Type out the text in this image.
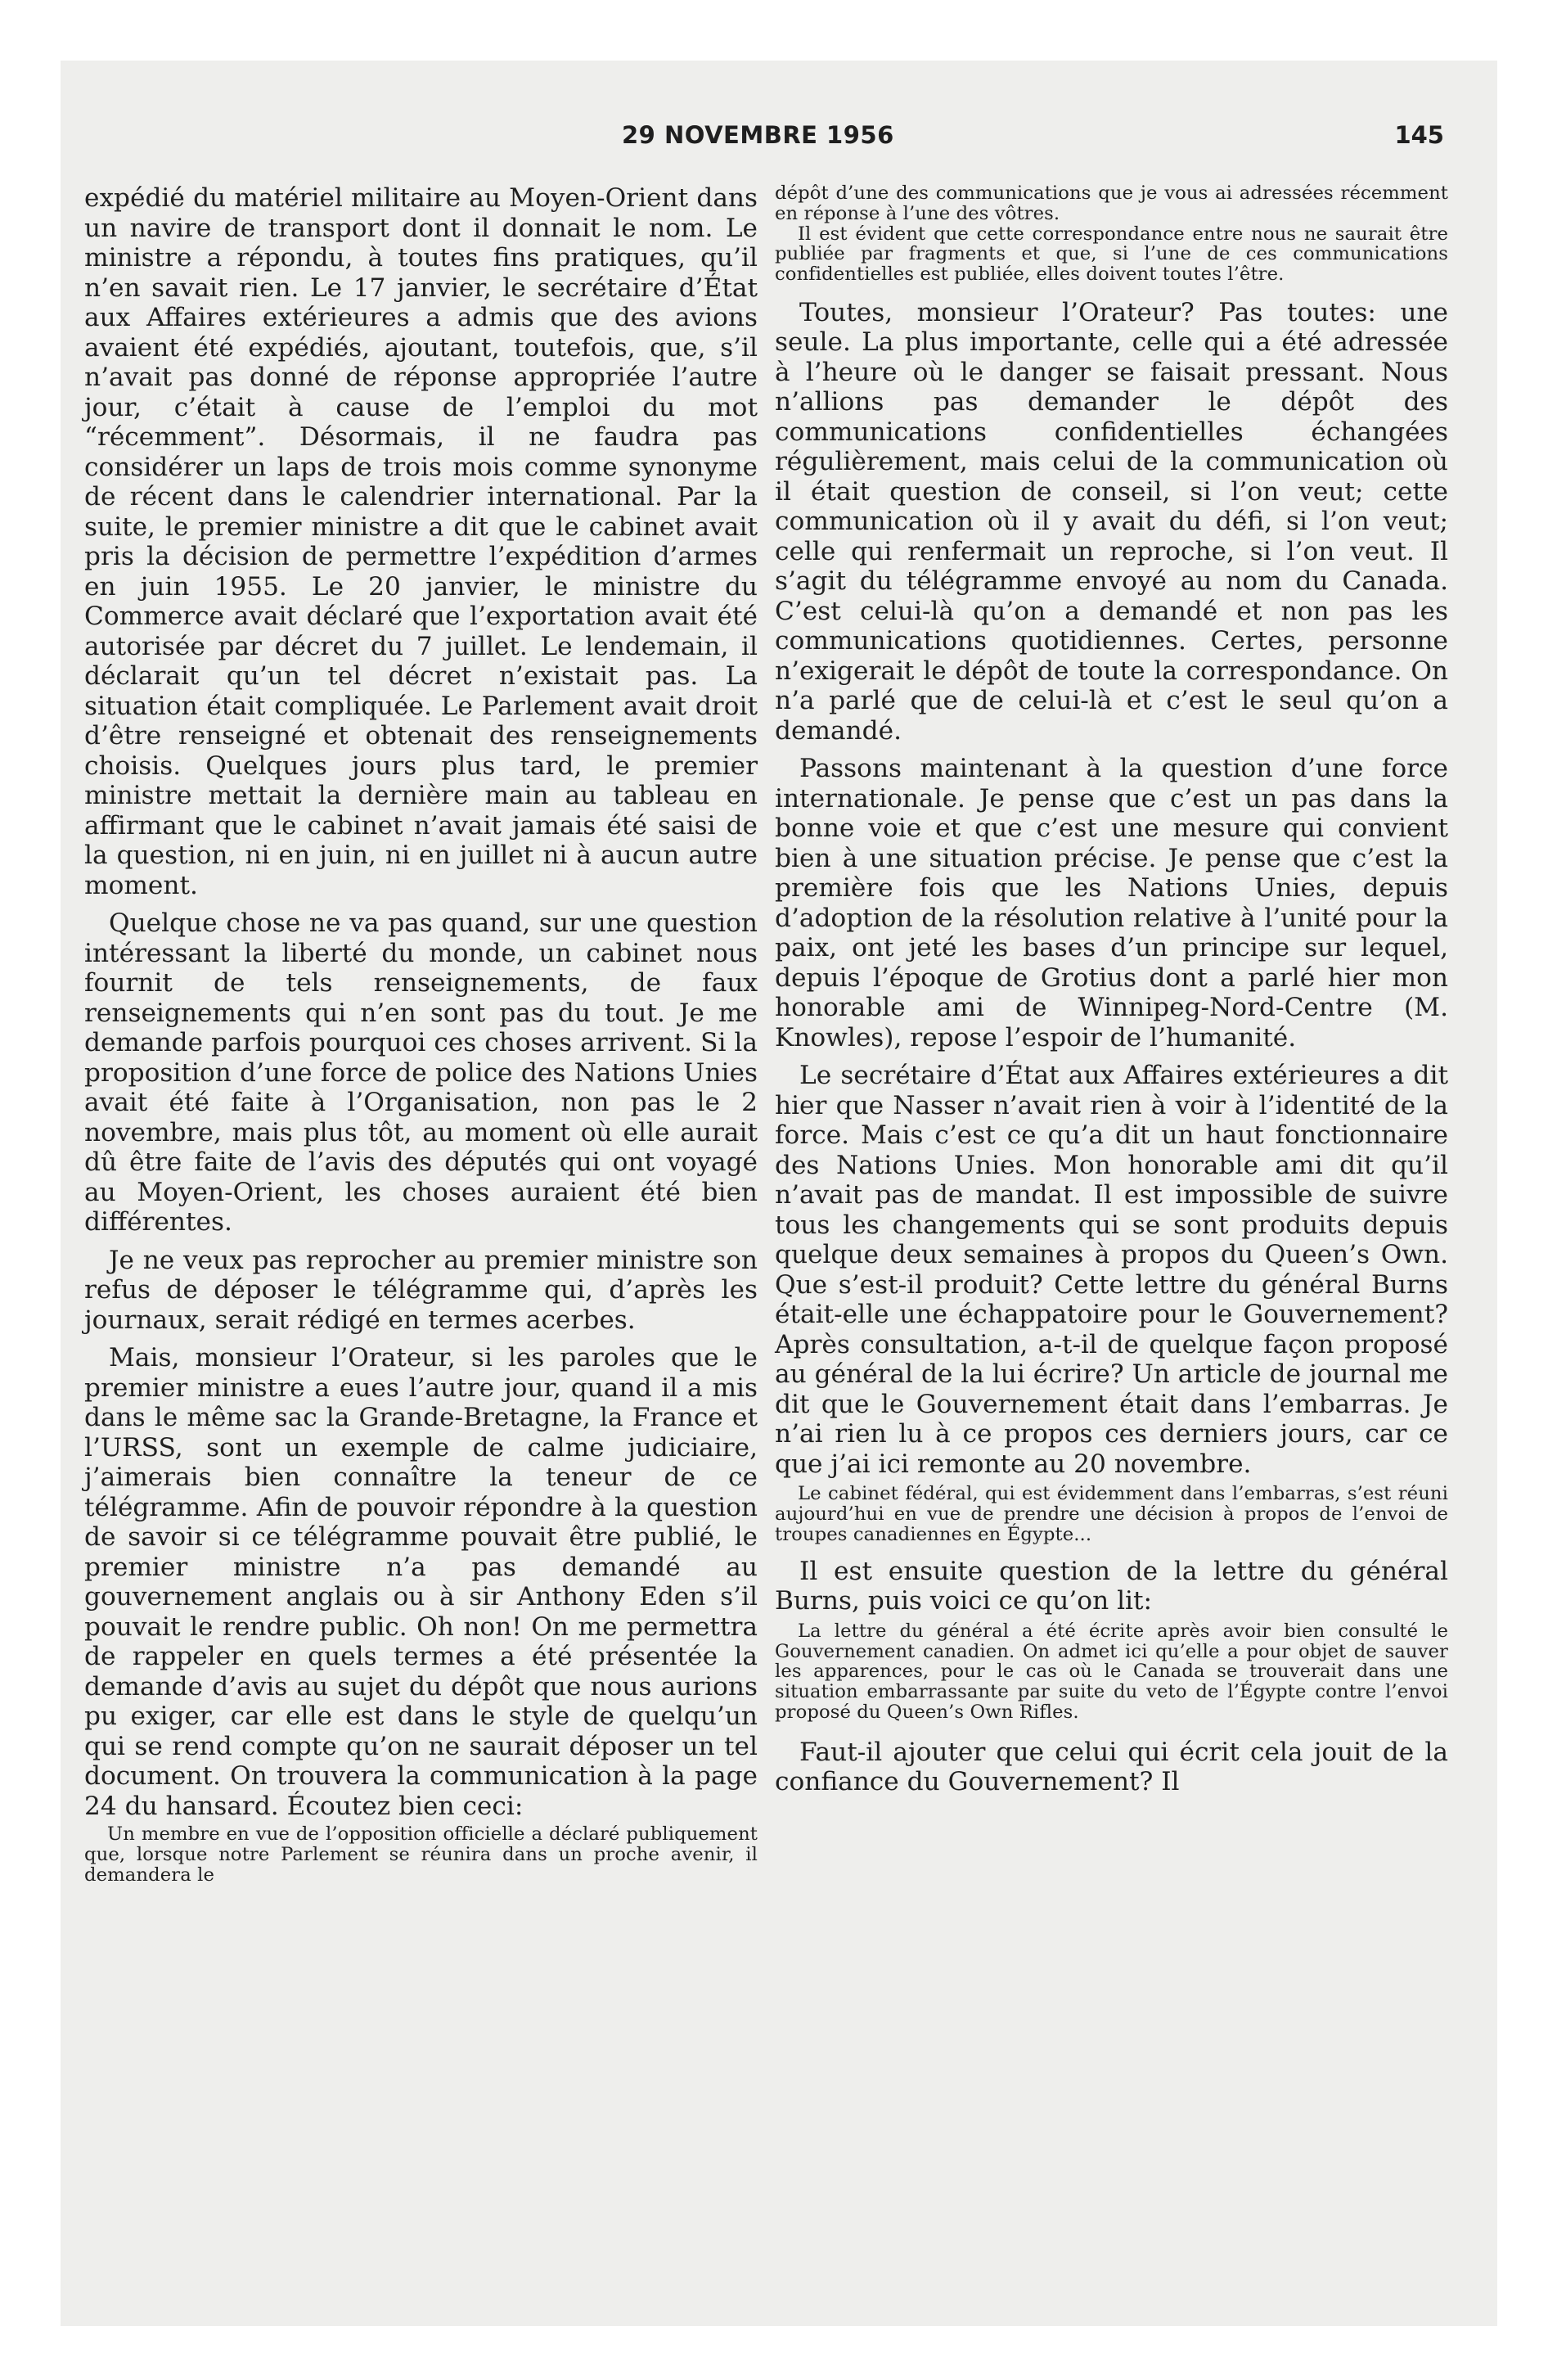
29 NOVEMBRE 1956	145

expédié du matériel militaire au Moyen-Orient dans un navire de transport dont il donnait le nom. Le ministre a répondu, à toutes fins pratiques, qu’il n’en savait rien. Le 17 janvier, le secrétaire d’État aux Affaires extérieures a admis que des avions avaient été expédiés, ajoutant, toutefois, que, s’il n’avait pas donné de réponse appropriée l’autre jour, c’était à cause de l’emploi du mot “récemment”. Désormais, il ne faudra pas considérer un laps de trois mois comme synonyme de récent dans le calendrier international. Par la suite, le premier ministre a dit que le cabinet avait pris la décision de permettre l’expédition d’armes en juin 1955. Le 20 janvier, le ministre du Commerce avait déclaré que l’exportation avait été autorisée par décret du 7 juillet. Le lendemain, il déclarait qu’un tel décret n’existait pas. La situation était compliquée. Le Parlement avait droit d’être renseigné et obtenait des renseignements choisis. Quelques jours plus tard, le premier ministre mettait la dernière main au tableau en affirmant que le cabinet n’avait jamais été saisi de la question, ni en juin, ni en juillet ni à aucun autre moment.

Quelque chose ne va pas quand, sur une question intéressant la liberté du monde, un cabinet nous fournit de tels renseignements, de faux renseignements qui n’en sont pas du tout. Je me demande parfois pourquoi ces choses arrivent. Si la proposition d’une force de police des Nations Unies avait été faite à l’Organisation, non pas le 2 novembre, mais plus tôt, au moment où elle aurait dû être faite de l’avis des députés qui ont voyagé au Moyen-Orient, les choses auraient été bien différentes.

Je ne veux pas reprocher au premier ministre son refus de déposer le télégramme qui, d’après les journaux, serait rédigé en termes acerbes.

Mais, monsieur l’Orateur, si les paroles que le premier ministre a eues l’autre jour, quand il a mis dans le même sac la Grande-Bretagne, la France et l’URSS, sont un exemple de calme judiciaire, j’aimerais bien connaître la teneur de ce télégramme. Afin de pouvoir répondre à la question de savoir si ce télégramme pouvait être publié, le premier ministre n’a pas demandé au gouvernement anglais ou à sir Anthony Eden s’il pouvait le rendre public. Oh non! On me permettra de rappeler en quels termes a été présentée la demande d’avis au sujet du dépôt que nous aurions pu exiger, car elle est dans le style de quelqu’un qui se rend compte qu’on ne saurait déposer un tel document. On trouvera la communication à la page 24 du hansard. Écoutez bien ceci:

Un membre en vue de l’opposition officielle a déclaré publiquement que, lorsque notre Parlement se réunira dans un proche avenir, il demandera le

dépôt d’une des communications que je vous ai adressées récemment en réponse à l’une des vôtres.

Il est évident que cette correspondance entre nous ne saurait être publiée par fragments et que, si l’une de ces communications confidentielles est publiée, elles doivent toutes l’être.

Toutes, monsieur l’Orateur? Pas toutes: une seule. La plus importante, celle qui a été adressée à l’heure où le danger se faisait pressant. Nous n’allions pas demander le dépôt des communications confidentielles échangées régulièrement, mais celui de la communication où il était question de conseil, si l’on veut; cette communication où il y avait du défi, si l’on veut; celle qui renfermait un reproche, si l’on veut. Il s’agit du télégramme envoyé au nom du Canada. C’est celui-là qu’on a demandé et non pas les communications quotidiennes. Certes, personne n’exigerait le dépôt de toute la correspondance. On n’a parlé que de celui-là et c’est le seul qu’on a demandé.

Passons maintenant à la question d’une force internationale. Je pense que c’est un pas dans la bonne voie et que c’est une mesure qui convient bien à une situation précise. Je pense que c’est la première fois que les Nations Unies, depuis d’adoption de la résolution relative à l’unité pour la paix, ont jeté les bases d’un principe sur lequel, depuis l’époque de Grotius dont a parlé hier mon honorable ami de Winnipeg-Nord-Centre (M. Knowles), repose l’espoir de l’humanité.

Le secrétaire d’État aux Affaires extérieures a dit hier que Nasser n’avait rien à voir à l’identité de la force. Mais c’est ce qu’a dit un haut fonctionnaire des Nations Unies. Mon honorable ami dit qu’il n’avait pas de mandat. Il est impossible de suivre tous les changements qui se sont produits depuis quelque deux semaines à propos du Queen’s Own. Que s’est-il produit? Cette lettre du général Burns était-elle une échappatoire pour le Gouvernement? Après consultation, a-t-il de quelque façon proposé au général de la lui écrire? Un article de journal me dit que le Gouvernement était dans l’embarras. Je n’ai rien lu à ce propos ces derniers jours, car ce que j’ai ici remonte au 20 novembre.

Le cabinet fédéral, qui est évidemment dans l’embarras, s’est réuni aujourd’hui en vue de prendre une décision à propos de l’envoi de troupes canadiennes en Égypte...

Il est ensuite question de la lettre du général Burns, puis voici ce qu’on lit:

La lettre du général a été écrite après avoir bien consulté le Gouvernement canadien. On admet ici qu’elle a pour objet de sauver les apparences, pour le cas où le Canada se trouverait dans une situation embarrassante par suite du veto de l’Égypte contre l’envoi proposé du Queen’s Own Rifles.

Faut-il ajouter que celui qui écrit cela jouit de la confiance du Gouvernement? Il
